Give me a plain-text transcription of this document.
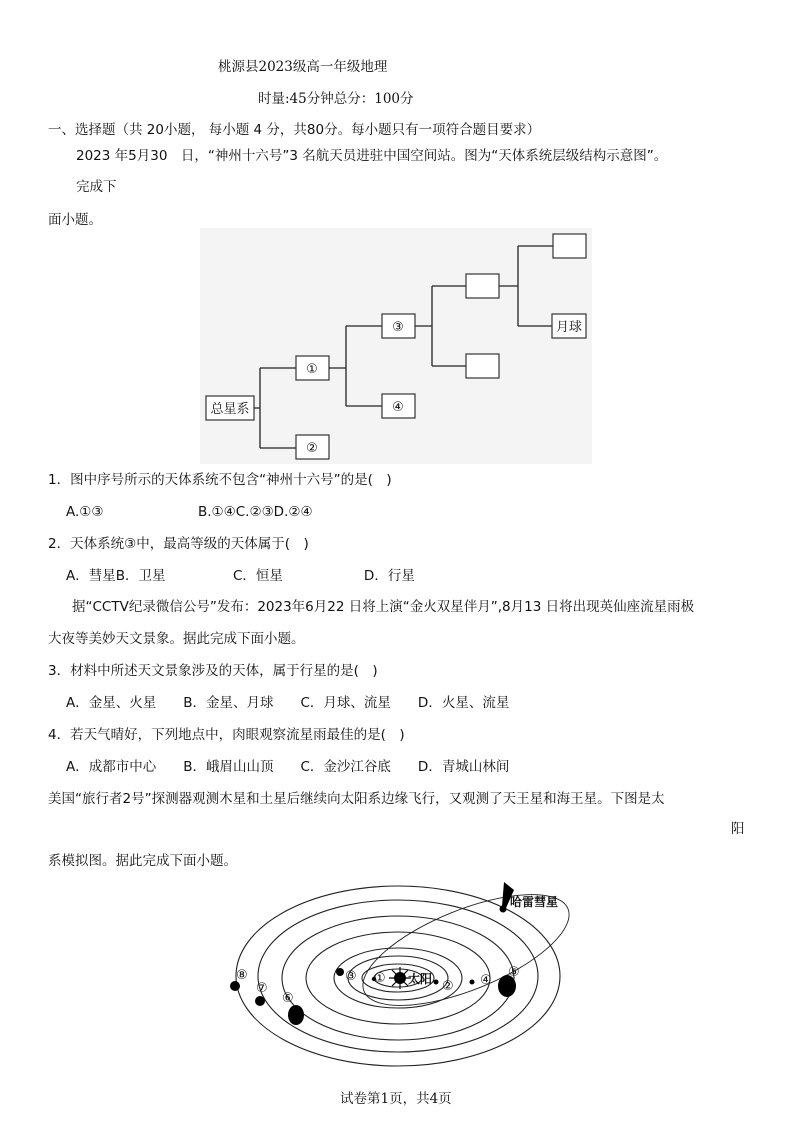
桃源县2023级高一年级地理
时量:45分钟总分：100分
一、选择题（共 20小题， 每小题 4 分，共80分。每小题只有一项符合题目要求）
2023 年5月30　日，“神州十六号”3 名航天员进驻中国空间站。图为“天体系统层级结构示意图”。
完成下
面小题。
总星系
①
②
③
④
月球
1．图中序号所示的天体系统不包含“神州十六号”的是(　)
A.①③　　　　　　　B.①④C.②③D.②④
2．天体系统③中，最高等级的天体属于(　)
A．彗星B．卫星　　　　　C．恒星　　　　　　D．行星
据“CCTV纪录微信公号”发布：2023年6月22 日将上演“金火双星伴月”,8月13 日将出现英仙座流星雨极
大夜等美妙天文景象。据此完成下面小题。
3．材料中所述天文景象涉及的天体，属于行星的是(　)
A．金星、火星　　B．金星、月球　　C．月球、流星　　D．火星、流星
4．若天气晴好，下列地点中，肉眼观察流星雨最佳的是(　)
A．成都市中心　　B．峨眉山山顶　　C．金沙江谷底　　D．青城山林间
美国“旅行者2号”探测器观测木星和土星后继续向太阳系边缘飞行，又观测了天王星和海王星。下图是太
阳
系模拟图。据此完成下面小题。
太阳
①
②
③	④
⑤
⑥
⑦
⑧
哈雷彗星
试卷第1页，共4页
